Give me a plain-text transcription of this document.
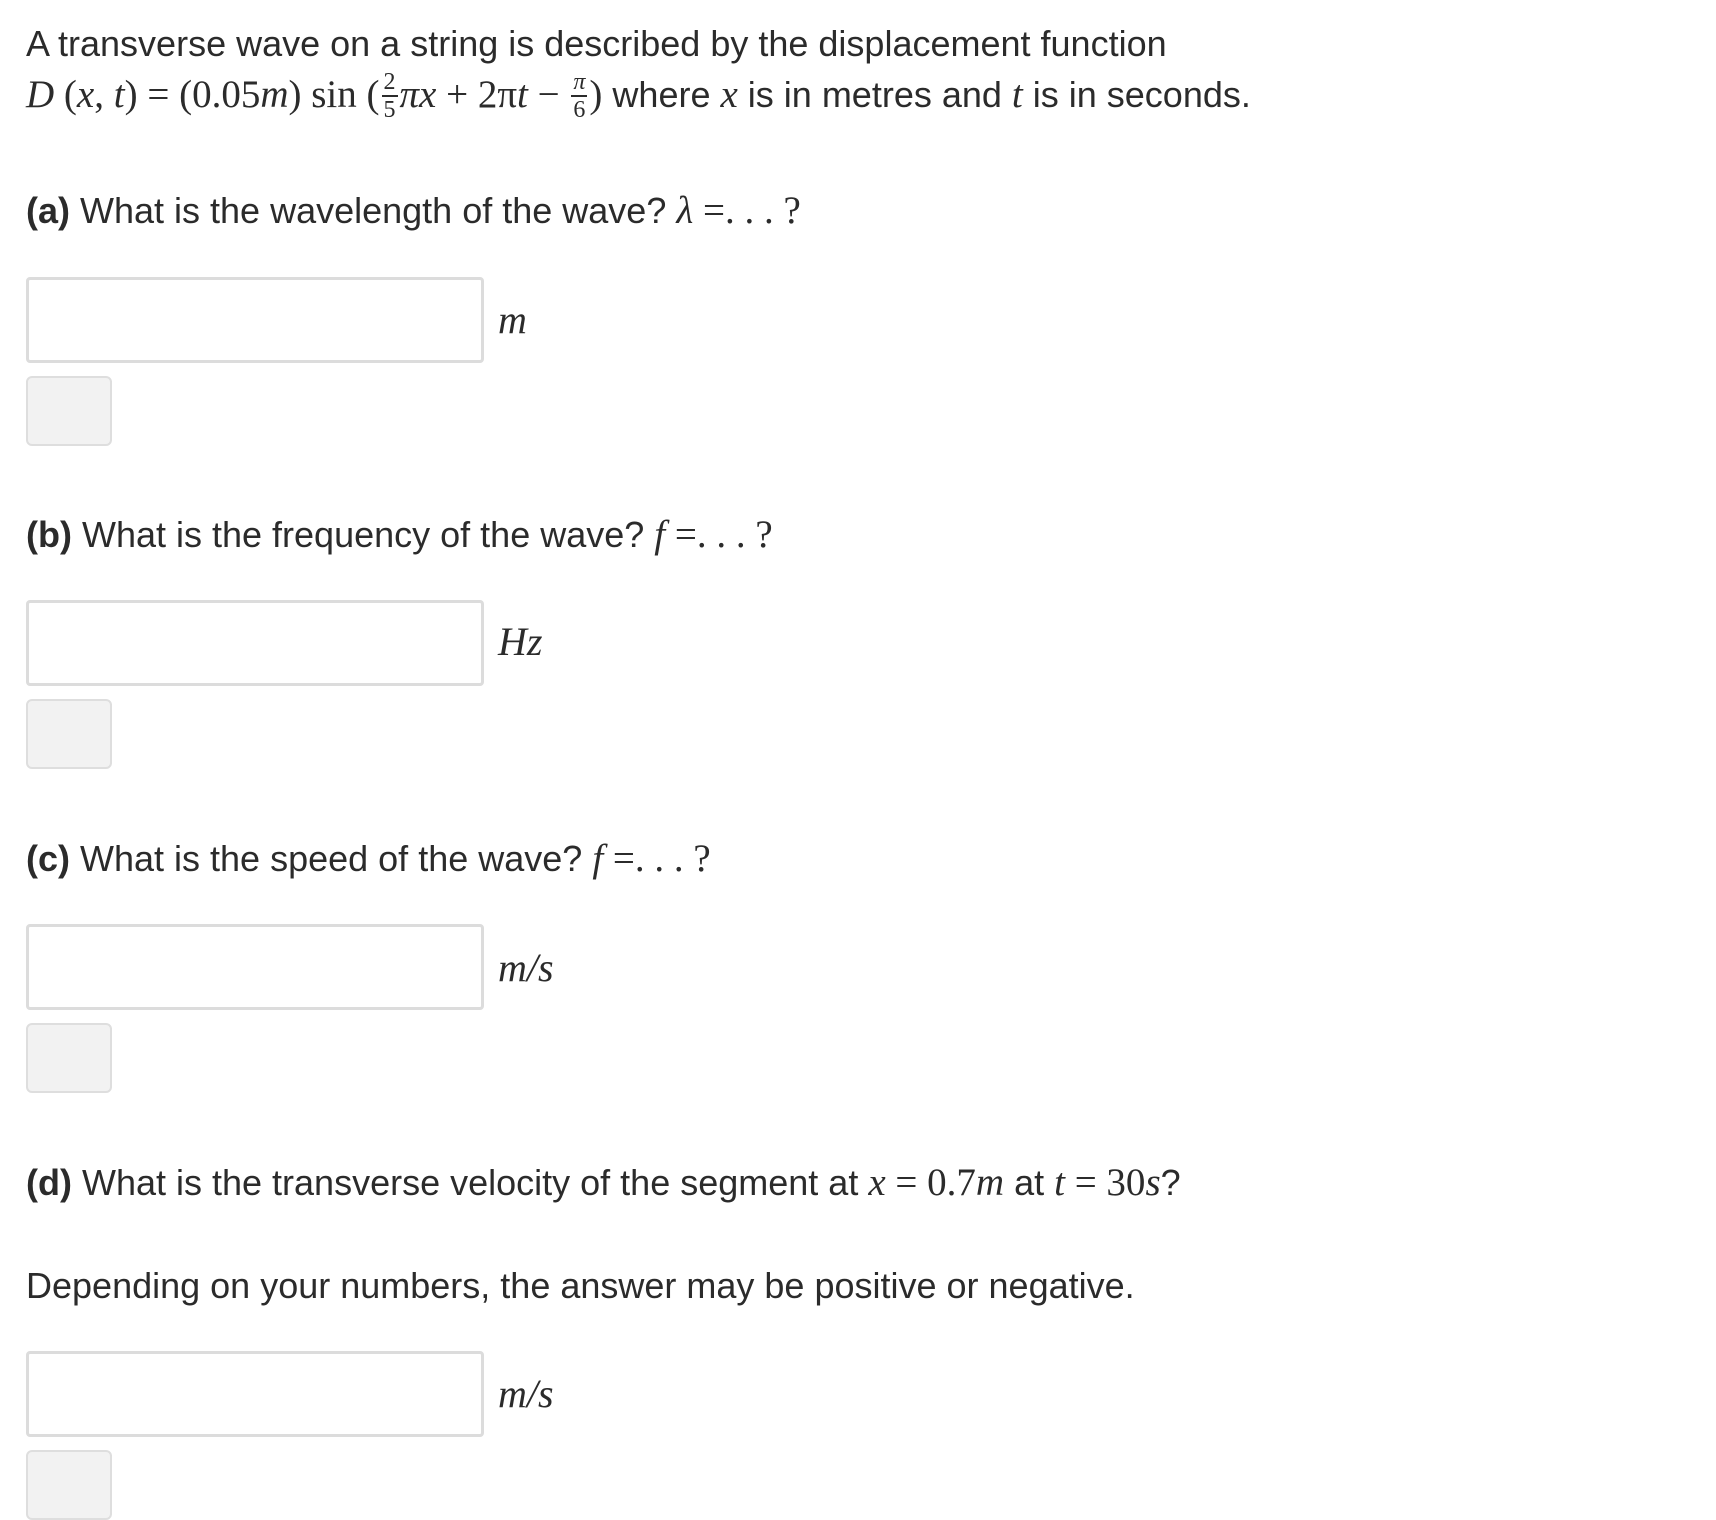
A transverse wave on a string is described by the displacement function
D (x, t) = (0.05m) sin ( $\frac{2}{5}$ $\pi x + 2\pi t - \frac{\pi}{6}$ ) where x is in metres and t is in seconds.
(a) What is the wavelength of the wave? λ =. . . ?
m
(b) What is the frequency of the wave? f =. . . ?
Hz
(c) What is the speed of the wave? f =. . . ?
m/s
(d) What is the transverse velocity of the segment at x = 0.7m at t = 30s?
Depending on your numbers, the answer may be positive or negative.
m/s
